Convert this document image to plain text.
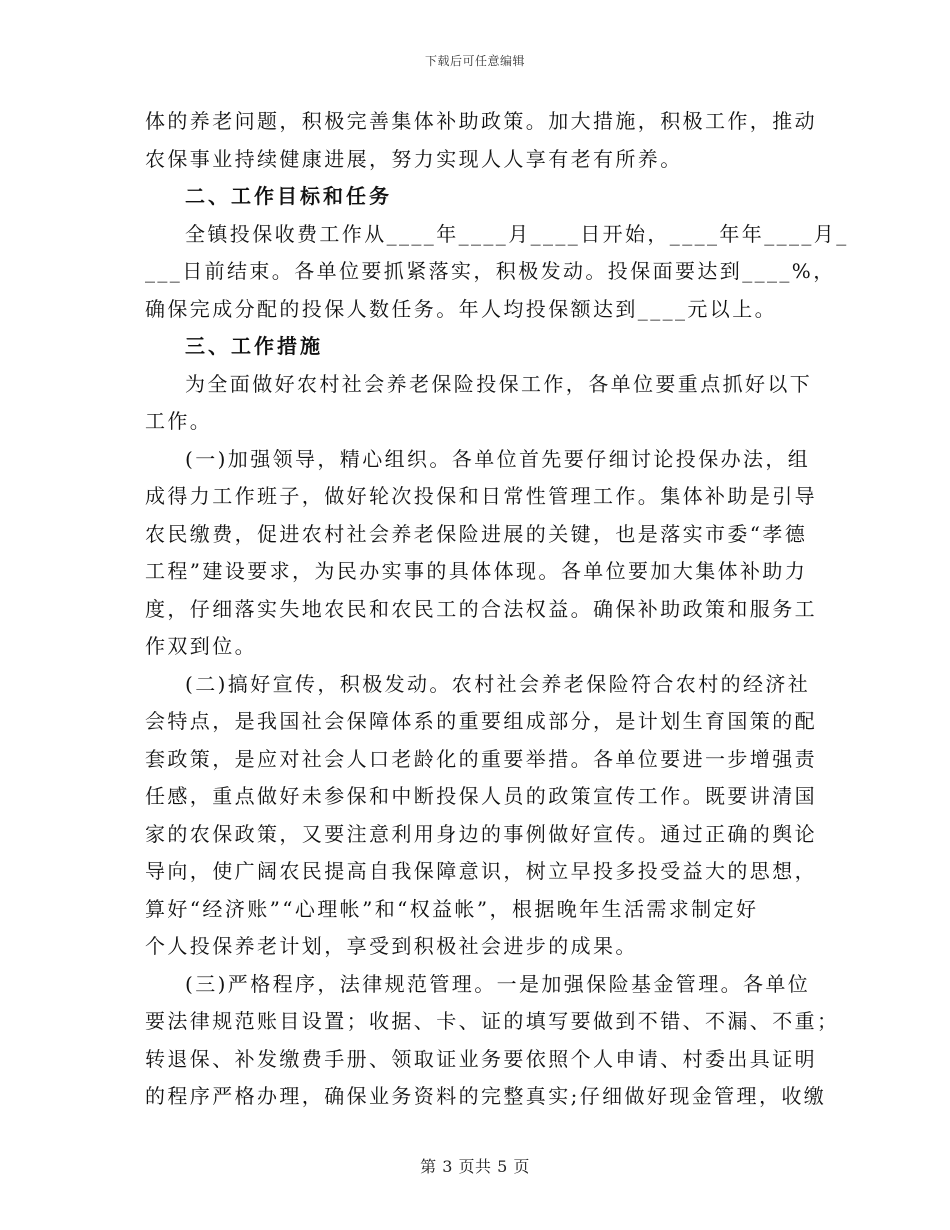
下载后可任意编辑
体的养老问题，积极完善集体补助政策。加大措施，积极工作，推动
农保事业持续健康进展，努力实现人人享有老有所养。
二、工作目标和任务
全镇投保收费工作从____年____月____日开始，____年年____月_
___日前结束。各单位要抓紧落实，积极发动。投保面要达到____%，
确保完成分配的投保人数任务。年人均投保额达到____元以上。
三、工作措施
为全面做好农村社会养老保险投保工作，各单位要重点抓好以下
工作。
(一)加强领导，精心组织。各单位首先要仔细讨论投保办法，组
成得力工作班子，做好轮次投保和日常性管理工作。集体补助是引导
农民缴费，促进农村社会养老保险进展的关键，也是落实市委“孝德
工程”建设要求，为民办实事的具体体现。各单位要加大集体补助力
度，仔细落实失地农民和农民工的合法权益。确保补助政策和服务工
作双到位。
(二)搞好宣传，积极发动。农村社会养老保险符合农村的经济社
会特点，是我国社会保障体系的重要组成部分，是计划生育国策的配
套政策，是应对社会人口老龄化的重要举措。各单位要进一步增强责
任感，重点做好未参保和中断投保人员的政策宣传工作。既要讲清国
家的农保政策，又要注意利用身边的事例做好宣传。通过正确的舆论
导向，使广阔农民提高自我保障意识，树立早投多投受益大的思想，
算好“经济账”“心理帐”和“权益帐”，根据晚年生活需求制定好
个人投保养老计划，享受到积极社会进步的成果。
(三)严格程序，法律规范管理。一是加强保险基金管理。各单位
要法律规范账目设置；收据、卡、证的填写要做到不错、不漏、不重；
转退保、补发缴费手册、领取证业务要依照个人申请、村委出具证明
的程序严格办理，确保业务资料的完整真实;仔细做好现金管理，收缴
第 3 页共 5 页
